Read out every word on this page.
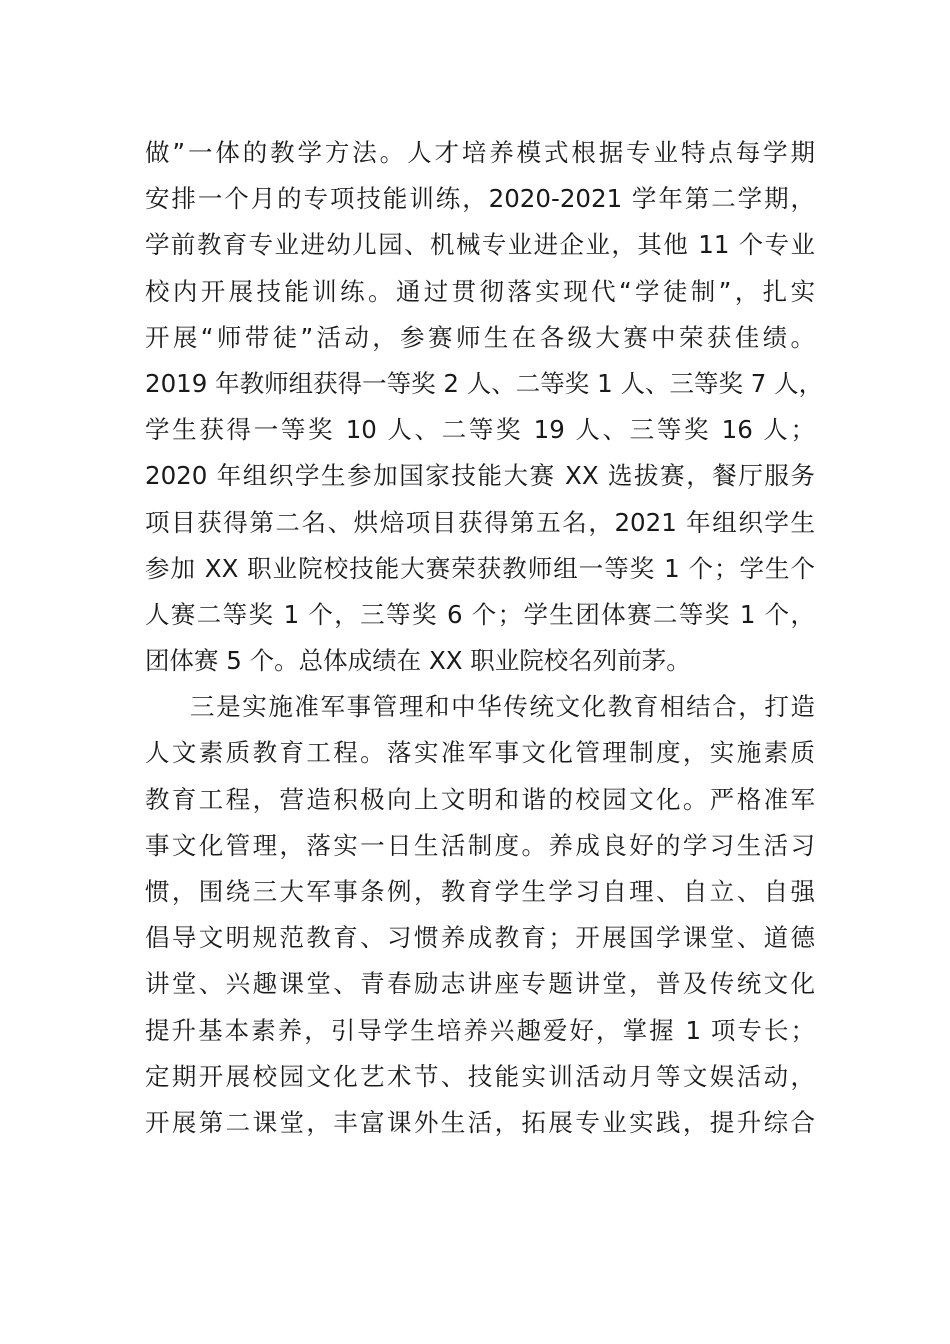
做”一体的教学方法。人才培养模式根据专业特点每学期
安排一个月的专项技能训练，2020-2021 学年第二学期，
学前教育专业进幼儿园、机械专业进企业，其他 11 个专业
校内开展技能训练。通过贯彻落实现代“学徒制”，扎实
开展“师带徒”活动，参赛师生在各级大赛中荣获佳绩。
2019 年教师组获得一等奖 2 人、二等奖 1 人、三等奖 7 人，
学生获得一等奖 10 人、二等奖 19 人、三等奖 16 人；
2020 年组织学生参加国家技能大赛 XX 选拔赛，餐厅服务
项目获得第二名、烘焙项目获得第五名，2021 年组织学生
参加 XX 职业院校技能大赛荣获教师组一等奖 1 个；学生个
人赛二等奖 1 个，三等奖 6 个；学生团体赛二等奖 1 个，
团体赛 5 个。总体成绩在 XX 职业院校名列前茅。
三是实施准军事管理和中华传统文化教育相结合，打造
人文素质教育工程。落实准军事文化管理制度，实施素质
教育工程，营造积极向上文明和谐的校园文化。严格准军
事文化管理，落实一日生活制度。养成良好的学习生活习
惯，围绕三大军事条例，教育学生学习自理、自立、自强
倡导文明规范教育、习惯养成教育；开展国学课堂、道德
讲堂、兴趣课堂、青春励志讲座专题讲堂，普及传统文化
提升基本素养，引导学生培养兴趣爱好，掌握 1 项专长；
定期开展校园文化艺术节、技能实训活动月等文娱活动，
开展第二课堂，丰富课外生活，拓展专业实践，提升综合
